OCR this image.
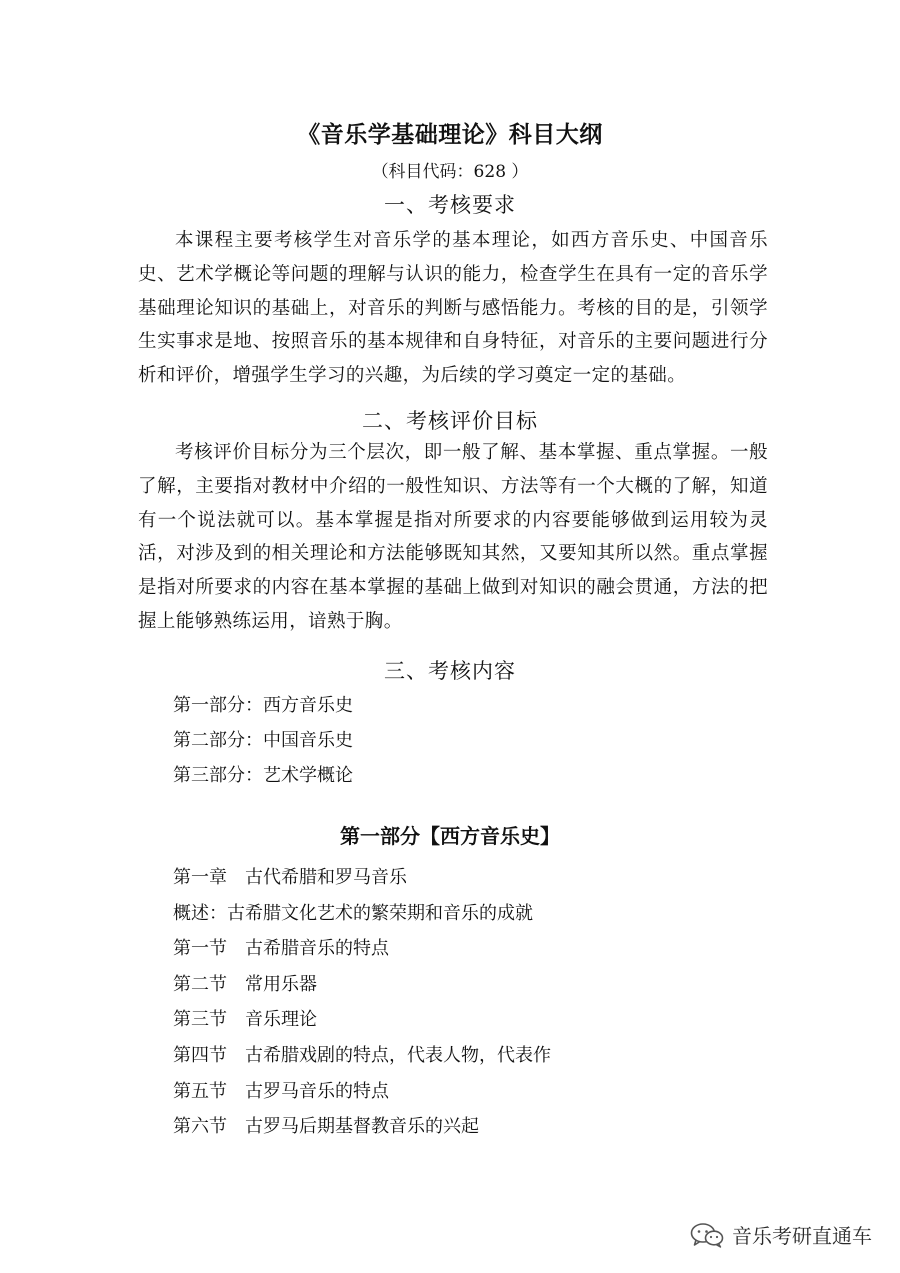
《音乐学基础理论》科目大纲
（科目代码：628 ）
一、考核要求
本课程主要考核学生对音乐学的基本理论，如西方音乐史、中国音乐史、艺术学概论等问题的理解与认识的能力，检查学生在具有一定的音乐学基础理论知识的基础上，对音乐的判断与感悟能力。考核的目的是，引领学生实事求是地、按照音乐的基本规律和自身特征，对音乐的主要问题进行分析和评价，增强学生学习的兴趣，为后续的学习奠定一定的基础。
二、考核评价目标
考核评价目标分为三个层次，即一般了解、基本掌握、重点掌握。一般了解，主要指对教材中介绍的一般性知识、方法等有一个大概的了解，知道有一个说法就可以。基本掌握是指对所要求的内容要能够做到运用较为灵活，对涉及到的相关理论和方法能够既知其然，又要知其所以然。重点掌握是指对所要求的内容在基本掌握的基础上做到对知识的融会贯通，方法的把握上能够熟练运用，谙熟于胸。
三、考核内容
第一部分：西方音乐史
第二部分：中国音乐史
第三部分：艺术学概论
第一部分【西方音乐史】
第一章 古代希腊和罗马音乐
概述：古希腊文化艺术的繁荣期和音乐的成就
第一节 古希腊音乐的特点
第二节 常用乐器
第三节 音乐理论
第四节 古希腊戏剧的特点，代表人物，代表作
第五节 古罗马音乐的特点
第六节 古罗马后期基督教音乐的兴起
音乐考研直通车
